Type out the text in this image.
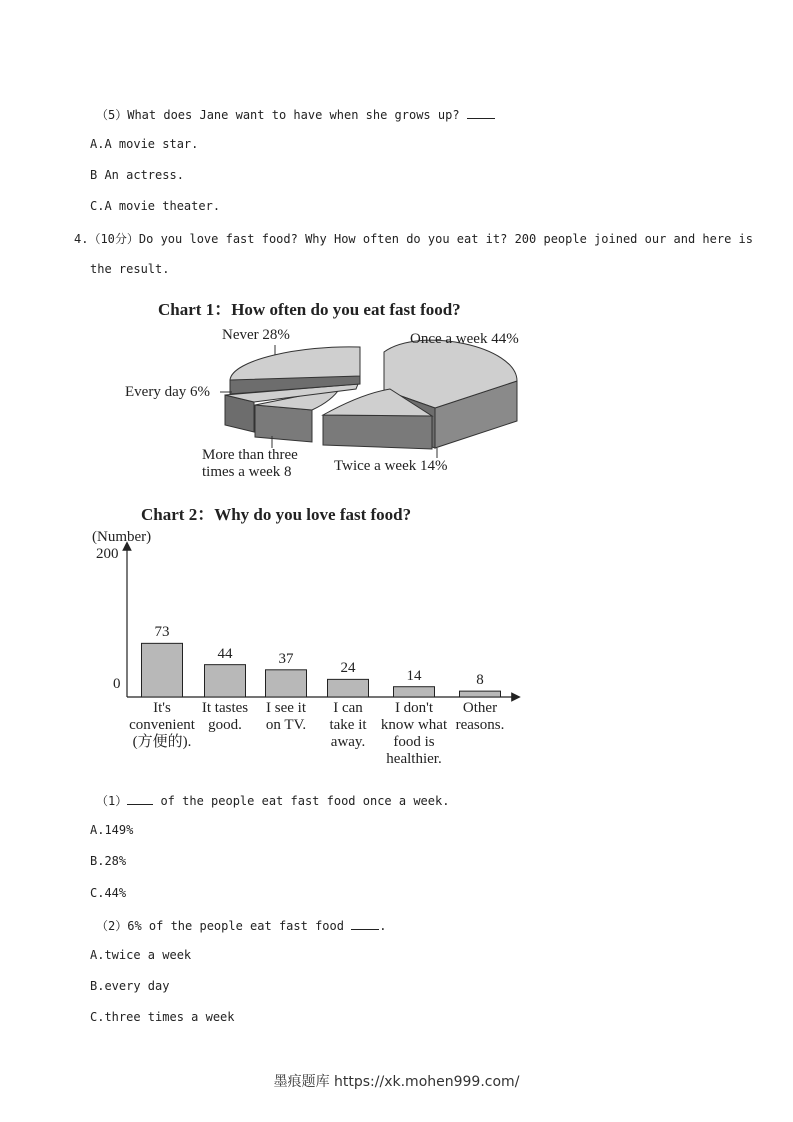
（5）What does Jane want to have when she grows up?
A.A movie star.
B An actress.
C.A movie theater.
4.（10分）Do you love fast food? Why How often do you eat it? 200 people joined our and here is
the result.
Chart 1：How often do you eat fast food?
Never 28%	Once a week 44%
Every day 6%
More than three
times a week 8	Twice a week 14%
Chart 2：Why do you love fast food?
(Number)
200
0
73
It's
convenient
(方便的).
44
It tastes
good.
37
I see it
on TV.
24
I can
take it
away.
14
I don't
know what
food is
healthier.
8
Other
reasons.
（1） of the people eat fast food once a week.
A.149%
B.28%
C.44%
（2）6% of the people eat fast food .
A.twice a week
B.every day
C.three times a week
墨痕题库 https://xk.mohen999.com/
